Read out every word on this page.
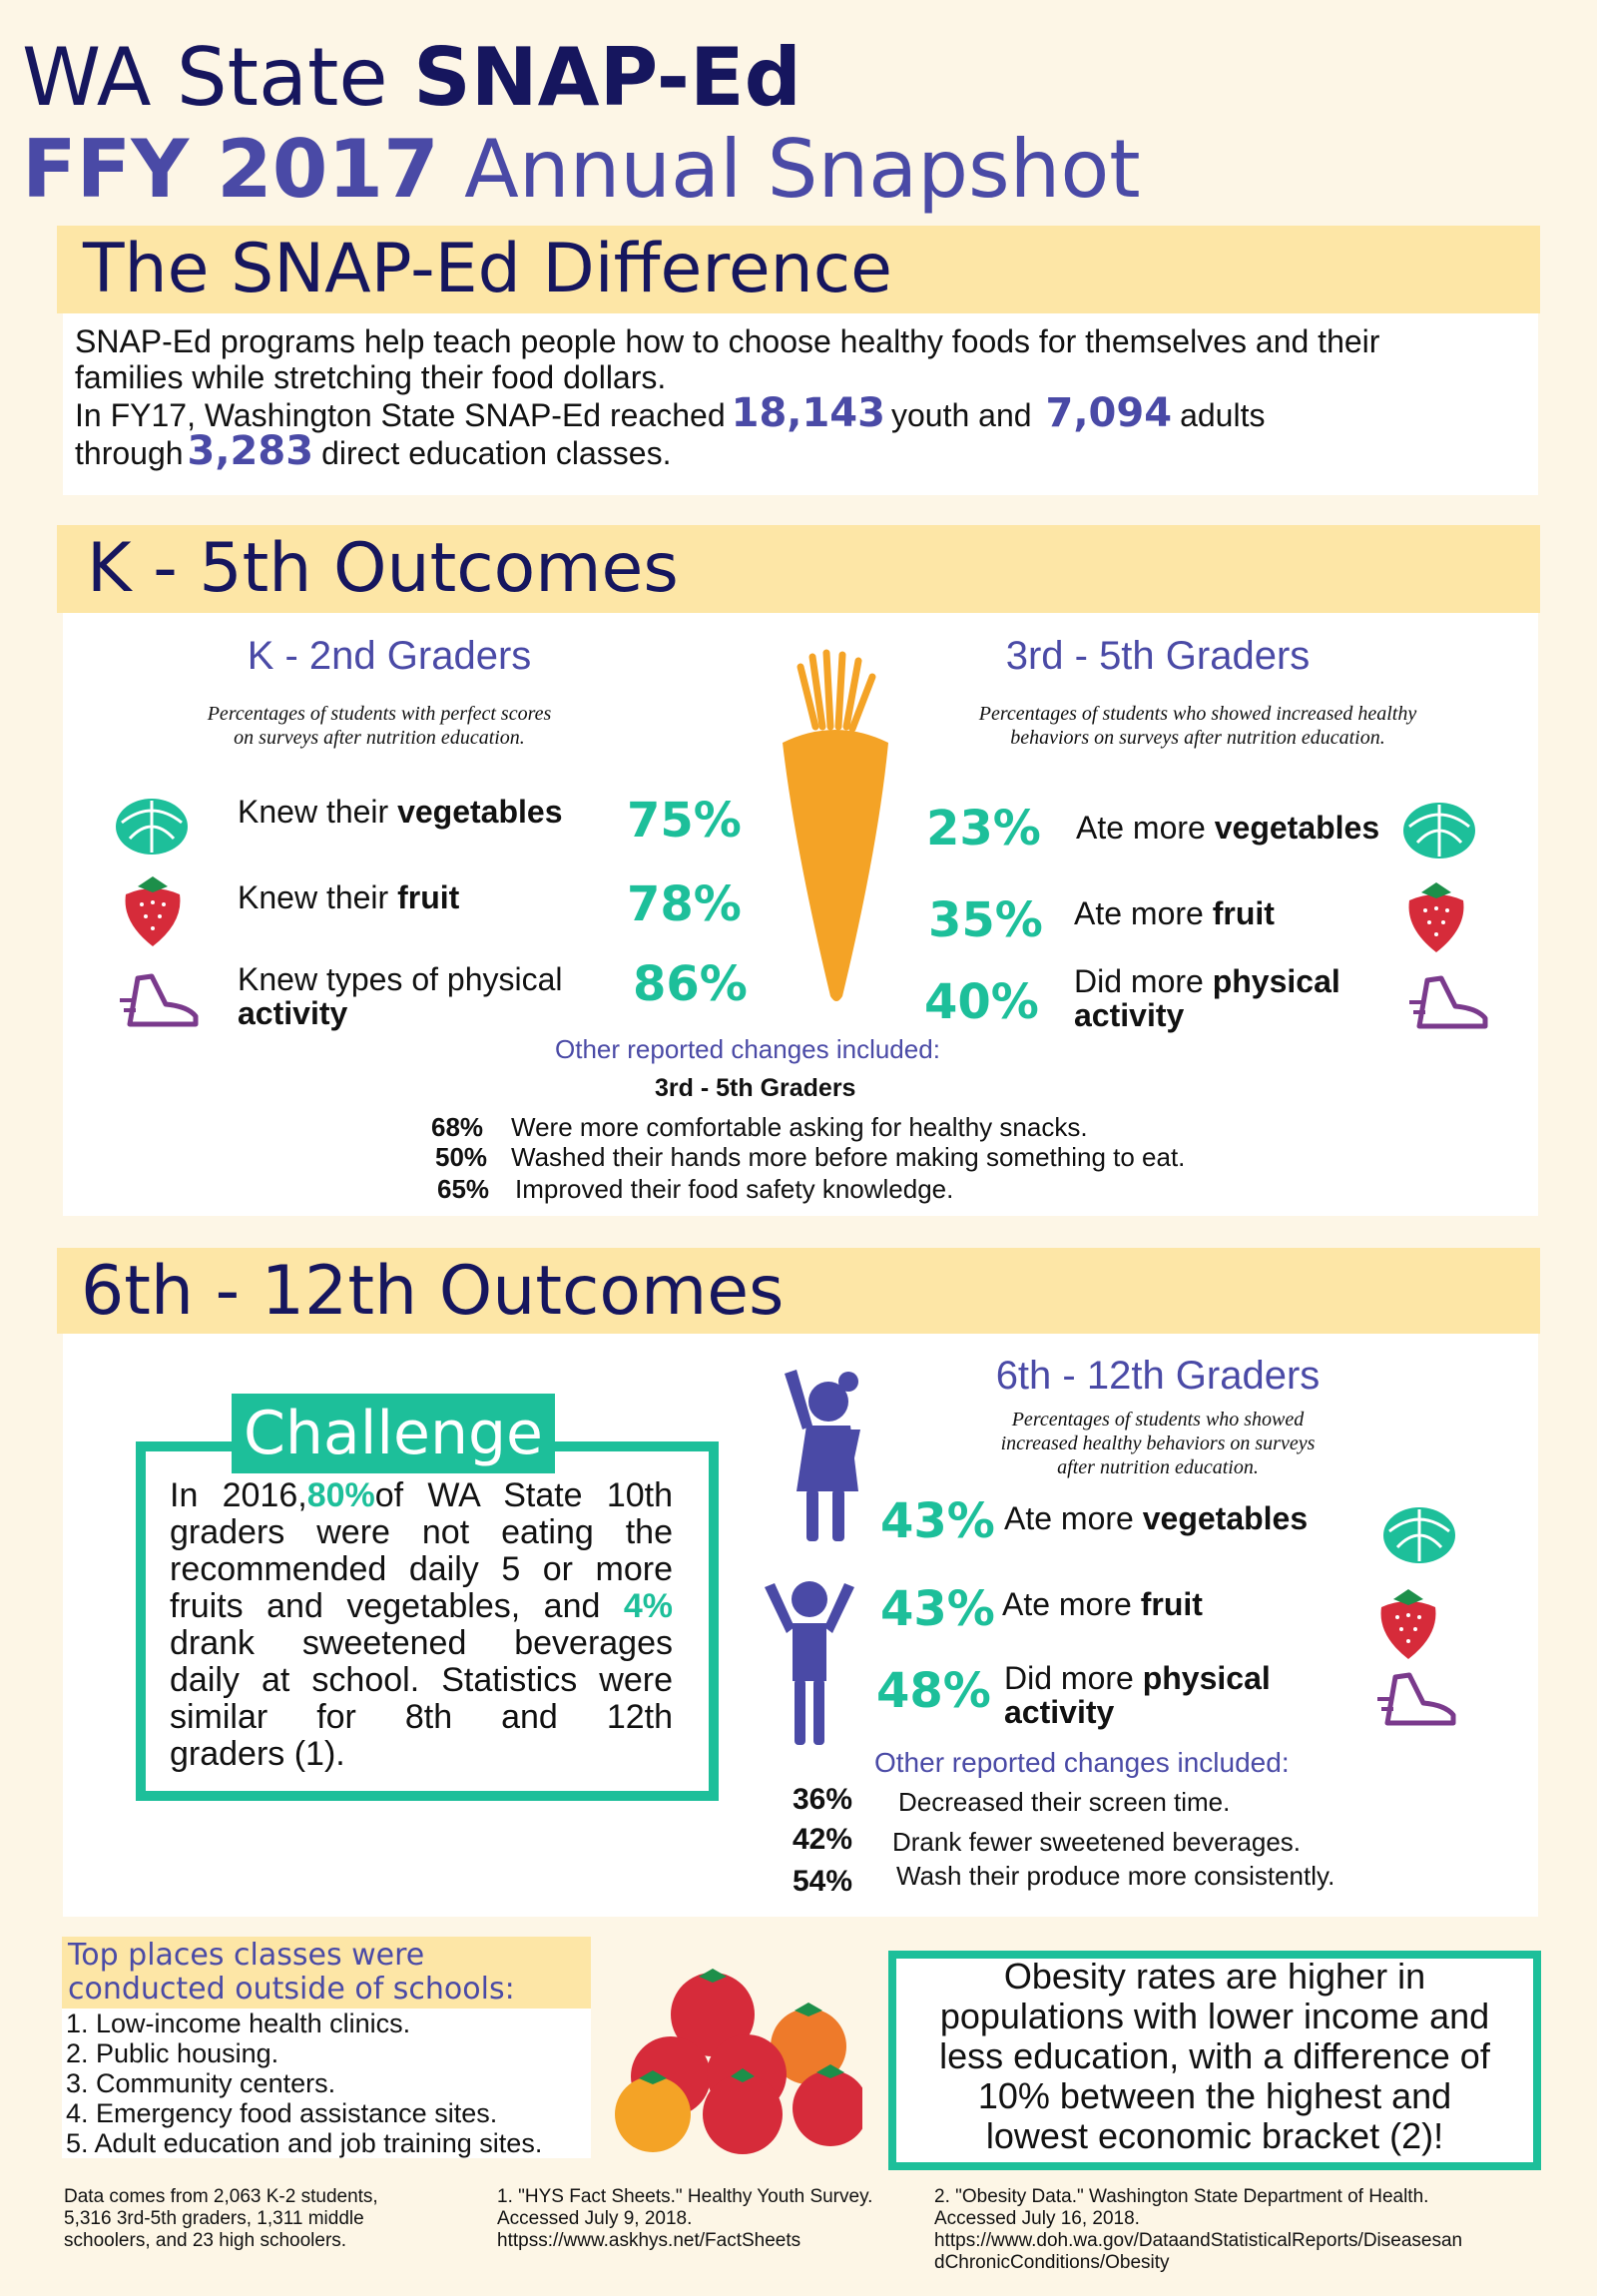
WA State SNAP-Ed
FFY 2017 Annual Snapshot
The SNAP-Ed Difference
SNAP-Ed programs help teach people how to choose healthy foods for themselves and their
families while stretching their food dollars.
In FY17, Washington State SNAP-Ed reached 18,143 youth and 7,094 adults
through 3,283 direct education classes.
K - 5th Outcomes
K - 2nd Graders
Percentages of students with perfect scores
on surveys after nutrition education.
3rd - 5th Graders
Percentages of students who showed increased healthy
behaviors on surveys after nutrition education.
Knew their vegetables 75%
Knew their fruit	78%
Knew types of physical
activity
86%
23% Ate more vegetables
35% Ate more fruit
40% Did more physical
activity
Other reported changes included:
3rd - 5th Graders
68% Were more comfortable asking for healthy snacks.
50% Washed their hands more before making something to eat.
65% Improved their food safety knowledge.
6th - 12th Outcomes
Challenge
In 2016,80%of WA State 10th
graders were not eating the
recommended daily 5 or more
fruits and vegetables, and 4%
drank sweetened beverages
daily at school. Statistics were
similar for 8th and 12th
graders (1).
6th - 12th Graders
Percentages of students who showed
increased healthy behaviors on surveys
after nutrition education.
43% Ate more vegetables
43% Ate more fruit
48% Did more physical
activity
Other reported changes included:
36% Decreased their screen time.
42% Drank fewer sweetened beverages.
54% Wash their produce more consistently.
Top places classes were
conducted outside of schools:
1. Low-income health clinics.
2. Public housing.
3. Community centers.
4. Emergency food assistance sites.
5. Adult education and job training sites.
Obesity rates are higher in
populations with lower income and
less education, with a difference of
10% between the highest and
lowest economic bracket (2)!
Data comes from 2,063 K-2 students,
5,316 3rd-5th graders, 1,311 middle
schoolers, and 23 high schoolers.
1. "HYS Fact Sheets." Healthy Youth Survey.
Accessed July 9, 2018.
httpss://www.askhys.net/FactSheets
2. "Obesity Data." Washington State Department of Health.
Accessed July 16, 2018.
https://www.doh.wa.gov/DataandStatisticalReports/Diseasesan
dChronicConditions/Obesity
